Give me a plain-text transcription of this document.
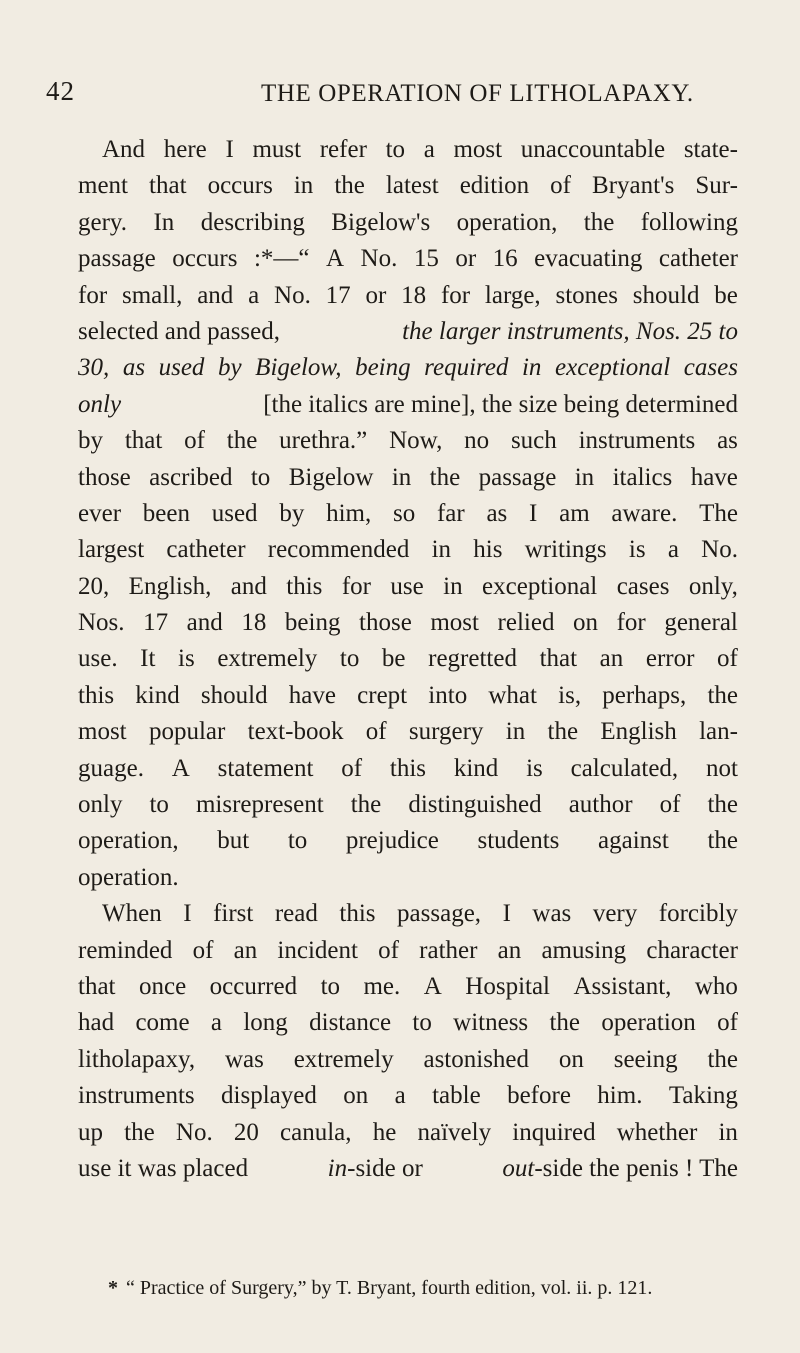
42	THE OPERATION OF LITHOLAPAXY.
And here I must refer to a most unaccountable state-
ment that occurs in the latest edition of Bryant's Sur-
gery. In describing Bigelow's operation, the following
passage occurs :*—“ A No. 15 or 16 evacuating catheter
for small, and a No. 17 or 18 for large, stones should be
selected and passed,	the larger instruments, Nos. 25 to
30, as used by Bigelow, being required in exceptional cases
only	[the italics are mine], the size being determined
by that of the urethra.” Now, no such instruments as
those ascribed to Bigelow in the passage in italics have
ever been used by him, so far as I am aware. The
largest catheter recommended in his writings is a No.
20, English, and this for use in exceptional cases only,
Nos. 17 and 18 being those most relied on for general
use. It is extremely to be regretted that an error of
this kind should have crept into what is, perhaps, the
most popular text-book of surgery in the English lan-
guage. A statement of this kind is calculated, not
only to misrepresent the distinguished author of the
operation, but to prejudice students against the
operation.
When I first read this passage, I was very forcibly
reminded of an incident of rather an amusing character
that once occurred to me. A Hospital Assistant, who
had come a long distance to witness the operation of
litholapaxy, was extremely astonished on seeing the
instruments displayed on a table before him. Taking
up the No. 20 canula, he naïvely inquired whether in
use it was placed	in-side or	out-side the penis ! The
* “ Practice of Surgery,” by T. Bryant, fourth edition, vol. ii. p. 121.
